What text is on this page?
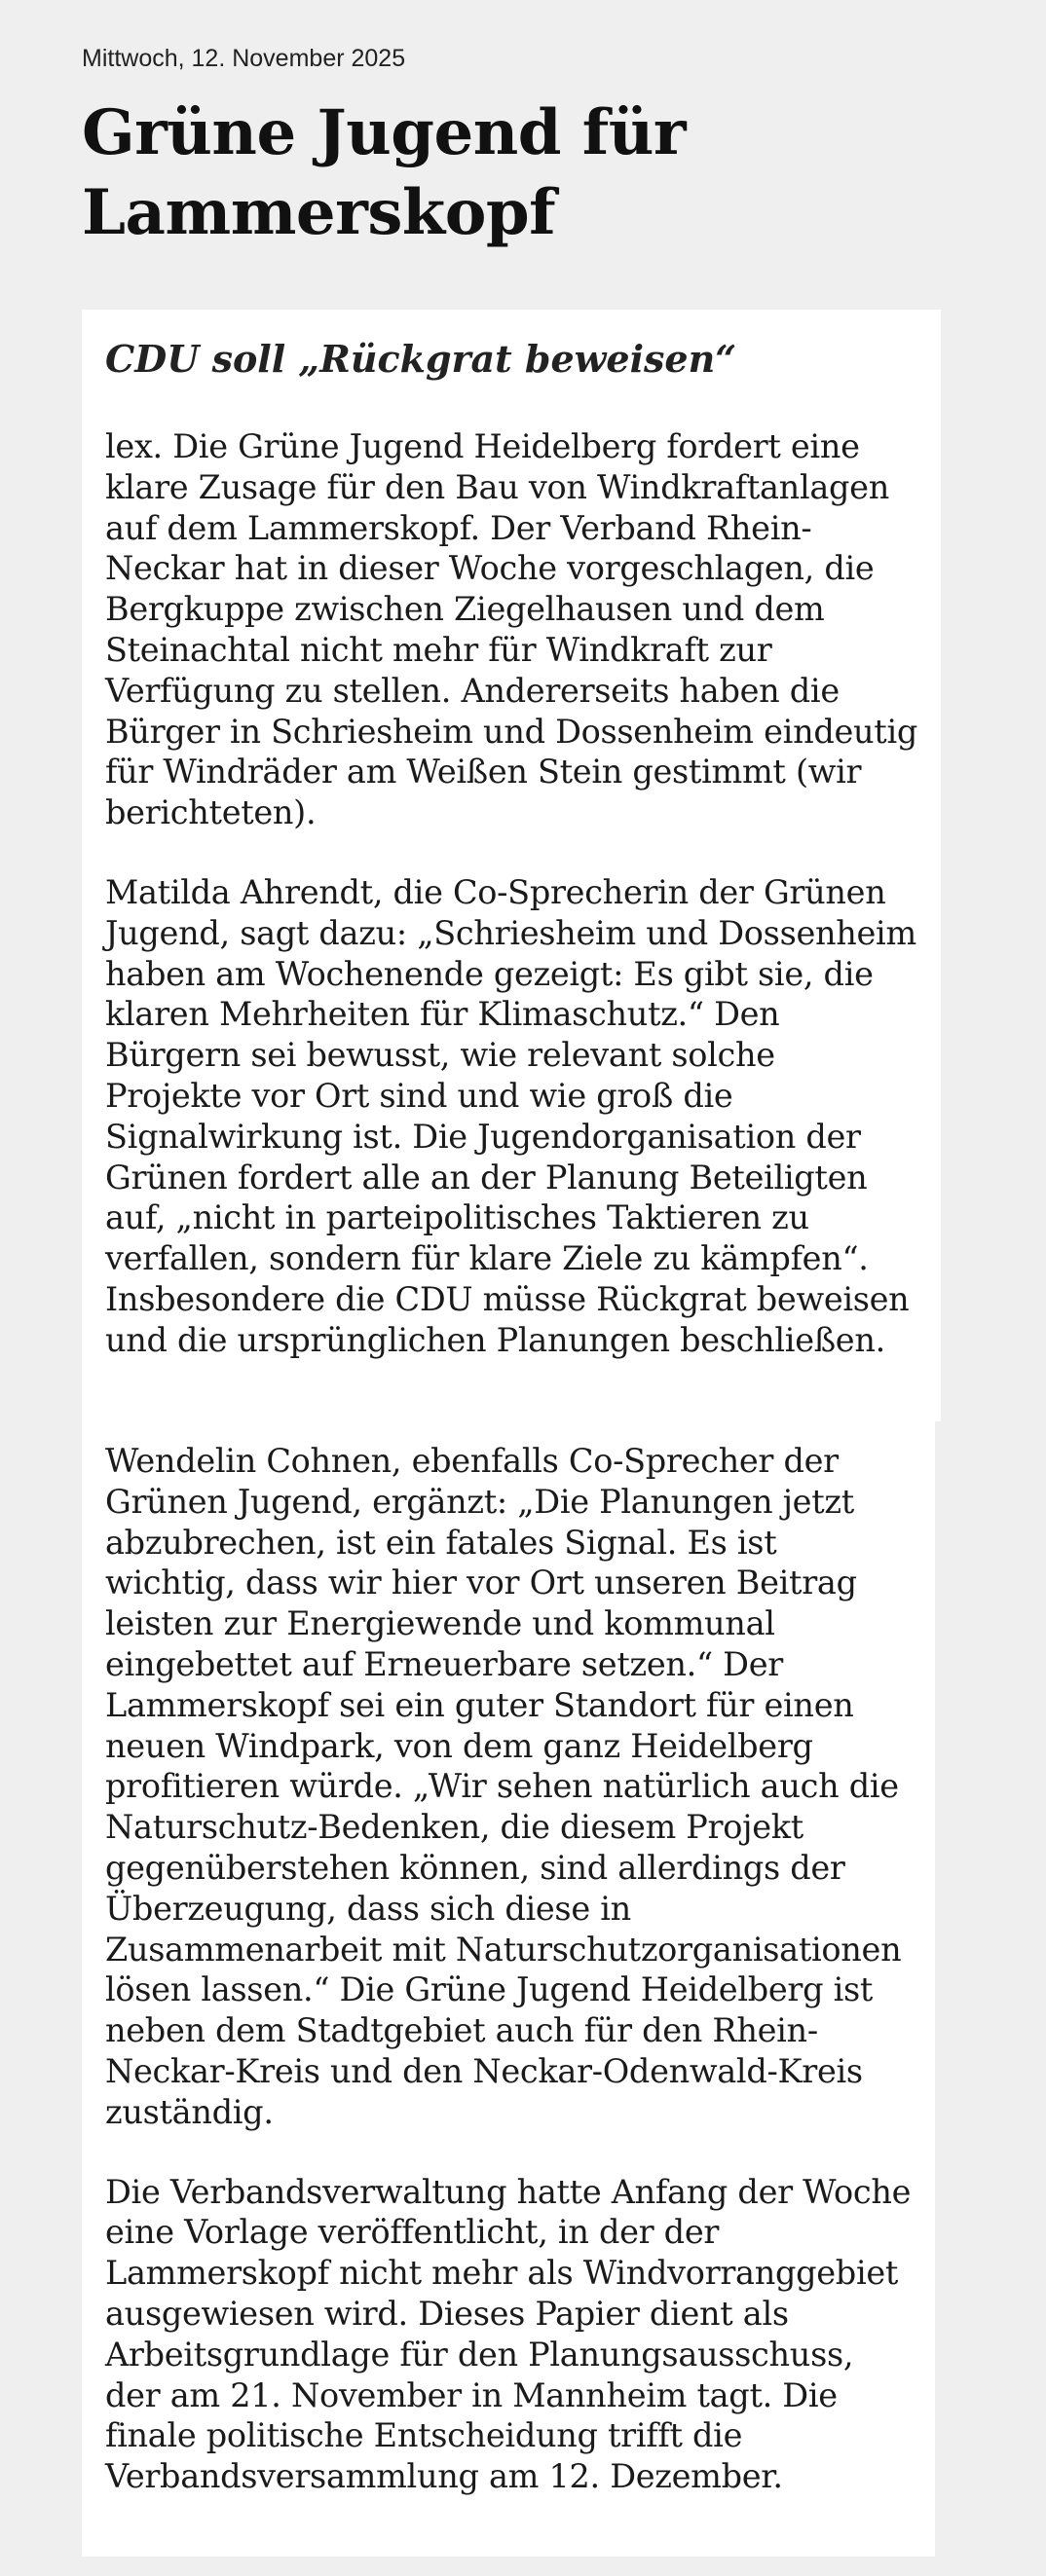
Mittwoch, 12. November 2025

Grüne Jugend für Lammerskopf
CDU soll „Rückgrat beweisen“

lex. Die Grüne Jugend Heidelberg fordert eine klare Zusage für den Bau von Windkraftanlagen auf dem Lammerskopf. Der Verband Rhein-Neckar hat in dieser Woche vorgeschlagen, die Bergkuppe zwischen Ziegelhausen und dem Steinachtal nicht mehr für Windkraft zur Verfügung zu stellen. Andererseits haben die Bürger in Schriesheim und Dossenheim eindeutig für Windräder am Weißen Stein gestimmt (wir berichteten).

Matilda Ahrendt, die Co-Sprecherin der Grünen Jugend, sagt dazu: „Schriesheim und Dossenheim haben am Wochenende gezeigt: Es gibt sie, die klaren Mehrheiten für Klimaschutz.“ Den Bürgern sei bewusst, wie relevant solche Projekte vor Ort sind und wie groß die Signalwirkung ist. Die Jugendorganisation der Grünen fordert alle an der Planung Beteiligten auf, „nicht in parteipolitisches Taktieren zu verfallen, sondern für klare Ziele zu kämpfen“. Insbesondere die CDU müsse Rückgrat beweisen und die ursprünglichen Planungen beschließen.

Wendelin Cohnen, ebenfalls Co-Sprecher der Grünen Jugend, ergänzt: „Die Planungen jetzt abzubrechen, ist ein fatales Signal. Es ist wichtig, dass wir hier vor Ort unseren Beitrag leisten zur Energiewende und kommunal eingebettet auf Erneuerbare setzen.“ Der Lammerskopf sei ein guter Standort für einen neuen Windpark, von dem ganz Heidelberg profitieren würde. „Wir sehen natürlich auch die Naturschutz-Bedenken, die diesem Projekt gegenüberstehen können, sind allerdings der Überzeugung, dass sich diese in Zusammenarbeit mit Naturschutzorganisationen lösen lassen.“ Die Grüne Jugend Heidelberg ist neben dem Stadtgebiet auch für den Rhein-Neckar-Kreis und den Neckar-Odenwald-Kreis zuständig.

Die Verbandsverwaltung hatte Anfang der Woche eine Vorlage veröffentlicht, in der der Lammerskopf nicht mehr als Windvorranggebiet ausgewiesen wird. Dieses Papier dient als Arbeitsgrundlage für den Planungsausschuss, der am 21. November in Mannheim tagt. Die finale politische Entscheidung trifft die Verbandsversammlung am 12. Dezember.
